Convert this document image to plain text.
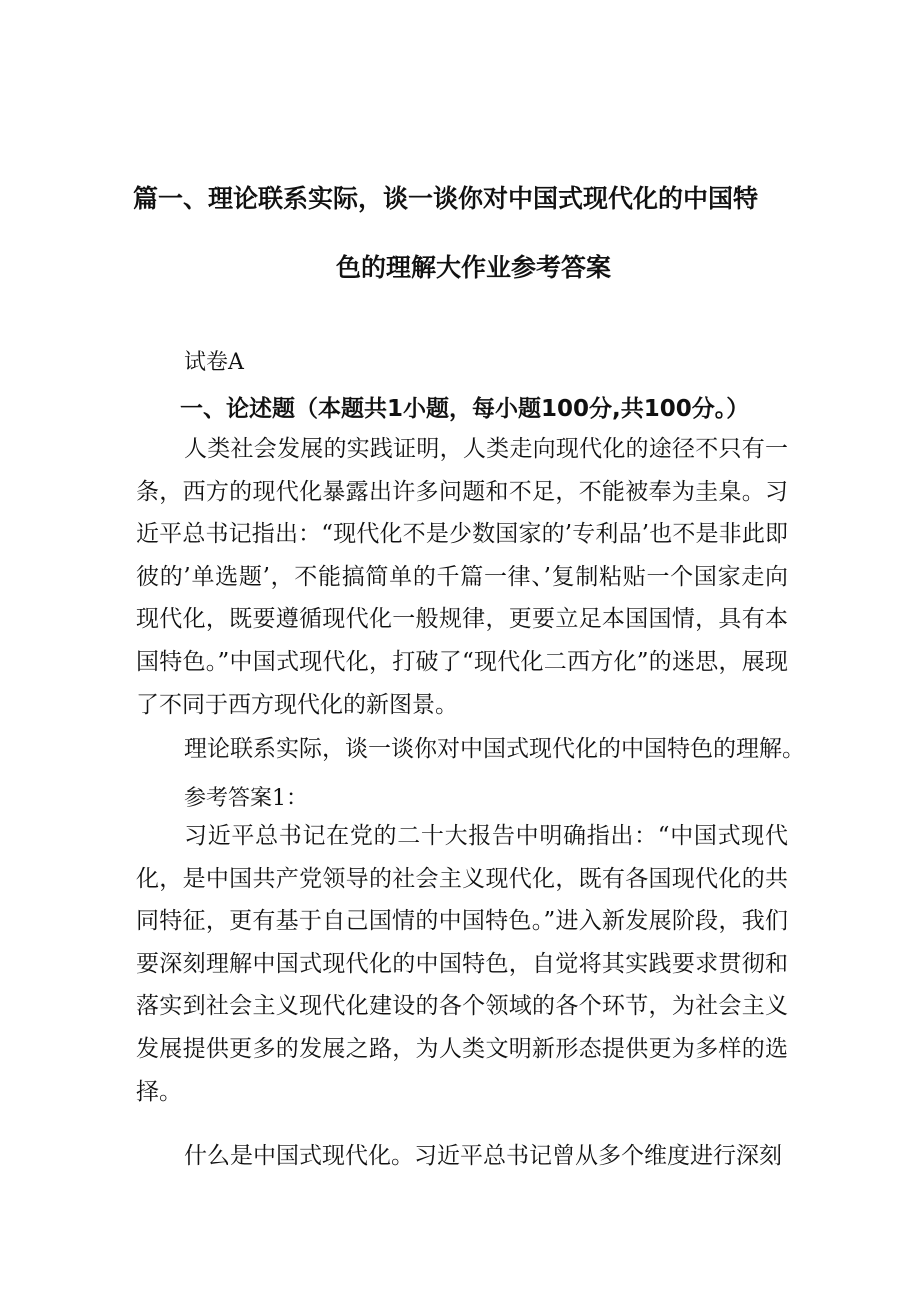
篇一、理论联系实际，谈一谈你对中国式现代化的中国特
色的理解大作业参考答案
试卷A
一、论述题（本题共1小题，每小题100分,共100分。）

人类社会发展的实践证明，人类走向现代化的途径不只有一条，西方的现代化暴露出许多问题和不足，不能被奉为圭臬。习近平总书记指出：“现代化不是少数国家的’专利品’也不是非此即彼的’单选题’，不能搞简单的千篇一律、’复制粘贴一个国家走向现代化，既要遵循现代化一般规律，更要立足本国国情，具有本国特色。”中国式现代化，打破了“现代化二西方化”的迷思，展现了不同于西方现代化的新图景。

理论联系实际，谈一谈你对中国式现代化的中国特色的理解。
参考答案1：

习近平总书记在党的二十大报告中明确指出：“中国式现代化，是中国共产党领导的社会主义现代化，既有各国现代化的共同特征，更有基于自己国情的中国特色。”进入新发展阶段，我们要深刻理解中国式现代化的中国特色，自觉将其实践要求贯彻和落实到社会主义现代化建设的各个领域的各个环节，为社会主义发展提供更多的发展之路，为人类文明新形态提供更为多样的选择。

什么是中国式现代化。习近平总书记曾从多个维度进行深刻
